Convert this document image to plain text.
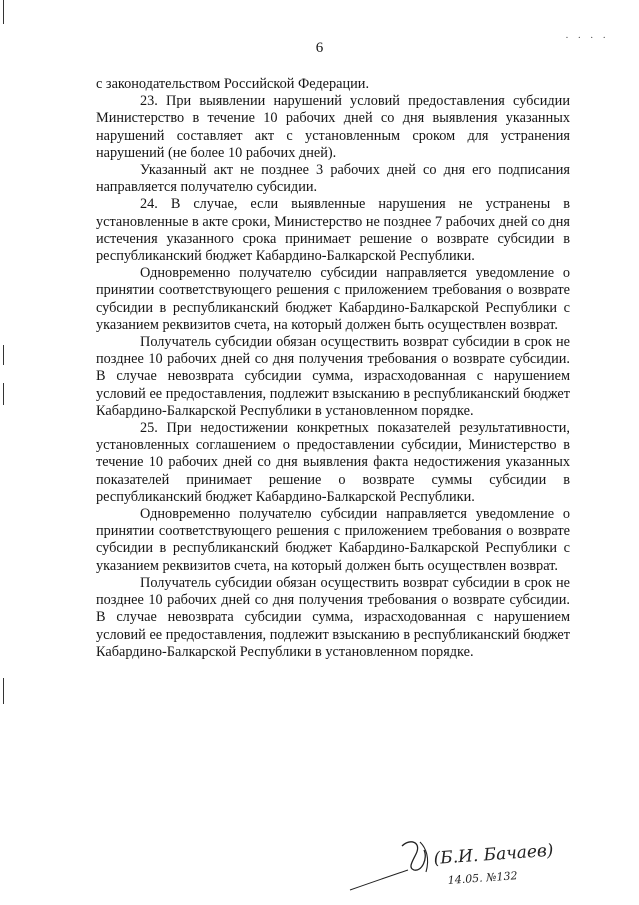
· · · ·
6

с законодательством Российской Федерации.

23. При выявлении нарушений условий предоставления субсидии Министерство в течение 10 рабочих дней со дня выявления указанных нарушений составляет акт с установленным сроком для устранения нарушений (не более 10 рабочих дней).

Указанный акт не позднее 3 рабочих дней со дня его подписания направляется получателю субсидии.

24. В случае, если выявленные нарушения не устранены в установленные в акте сроки, Министерство не позднее 7 рабочих дней со дня истечения указанного срока принимает решение о возврате субсидии в республиканский бюджет Кабардино-Балкарской Республики.

Одновременно получателю субсидии направляется уведомление о принятии соответствующего решения с приложением требования о возврате субсидии в республиканский бюджет Кабардино-Балкарской Республики с указанием реквизитов счета, на который должен быть осуществлен возврат.

Получатель субсидии обязан осуществить возврат субсидии в срок не позднее 10 рабочих дней со дня получения требования о возврате субсидии. В случае невозврата субсидии сумма, израсходованная с нарушением условий ее предоставления, подлежит взысканию в республиканский бюджет Кабардино-Балкарской Республики в установленном порядке.

25. При недостижении конкретных показателей результативности, установленных соглашением о предоставлении субсидии, Министерство в течение 10 рабочих дней со дня выявления факта недостижения указанных показателей принимает решение о возврате суммы субсидии в республиканский бюджет Кабардино-Балкарской Республики.

Одновременно получателю субсидии направляется уведомление о принятии соответствующего решения с приложением требования о возврате субсидии в республиканский бюджет Кабардино-Балкарской Республики с указанием реквизитов счета, на который должен быть осуществлен возврат.

Получатель субсидии обязан осуществить возврат субсидии в срок не позднее 10 рабочих дней со дня получения требования о возврате субсидии. В случае невозврата субсидии сумма, израсходованная с нарушением условий ее предоставления, подлежит взысканию в республиканский бюджет Кабардино-Балкарской Республики в установленном порядке.

(Б.И. Бачаев)
14.05. №132
